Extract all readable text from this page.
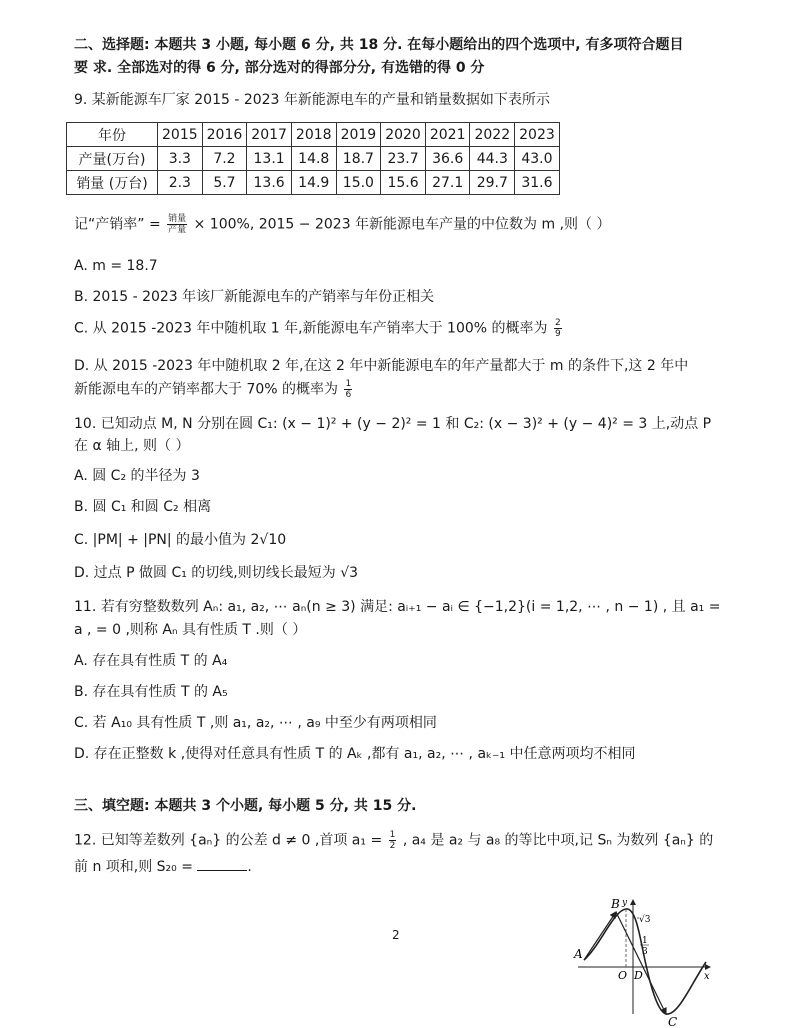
二、选择题: 本题共 3 小题, 每小题 6 分, 共 18 分. 在每小题给出的四个选项中, 有多项符合题目
要 求. 全部选对的得 6 分, 部分选对的得部分分, 有选错的得 0 分
9. 某新能源车厂家 2015 - 2023 年新能源电车的产量和销量数据如下表所示
年份	2015	2016	2017	2018	2019	2020	2021	2022	2023
产量(万台)	3.3	7.2	13.1	14.8	18.7	23.7	36.6	44.3	43.0
销量 (万台)	2.3	5.7	13.6	14.9	15.0	15.6	27.1	29.7	31.6
记“产销率” = $\frac{\text{销量}}{\text{产量}} \times 100\%$, 2015 − 2023 年新能源电车产量的中位数为 m ,则（ ）
A. m = 18.7
B. 2015 - 2023 年该厂新能源电车的产销率与年份正相关
C. 从 2015 -2023 年中随机取 1 年,新能源电车产销率大于 100% 的概率为 $\frac{2}{9}$
D. 从 2015 -2023 年中随机取 2 年,在这 2 年中新能源电车的年产量都大于 m 的条件下,这 2 年中
新能源电车的产销率都大于 70% 的概率为 $\frac{1}{6}$
10. 已知动点 M, N 分别在圆 C₁: (x − 1)² + (y − 2)² = 1 和 C₂: (x − 3)² + (y − 4)² = 3 上,动点 P
在 α 轴上, 则（ ）
A. 圆 C₂ 的半径为 3
B. 圆 C₁ 和圆 C₂ 相离
C. |PM| + |PN| 的最小值为 2√10
D. 过点 P 做圆 C₁ 的切线,则切线长最短为 √3
11. 若有穷整数数列 Aₙ: a₁, a₂, ⋯ aₙ(n ≥ 3) 满足: aᵢ₊₁ − aᵢ ∈ {−1,2}(i = 1,2, ⋯ , n − 1) , 且 a₁ =
a , = 0 ,则称 Aₙ 具有性质 T .则（ ）
A. 存在具有性质 T 的 A₄
B. 存在具有性质 T 的 A₅
C. 若 A₁₀ 具有性质 T ,则 a₁, a₂, ⋯ , a₉ 中至少有两项相同
D. 存在正整数 k ,使得对任意具有性质 T 的 Aₖ ,都有 a₁, a₂, ⋯ , aₖ₋₁ 中任意两项均不相同
三、填空题: 本题共 3 个小题, 每小题 5 分, 共 15 分.
12. 已知等差数列 {aₙ} 的公差 d ≠ 0 ,首项 $a_1 = \frac{1}{2}$ , a₄ 是 a₂ 与 a₈ 的等比中项,记 Sₙ 为数列 {aₙ} 的
前 n 项和,则 S₂₀ =	.
2
B y
√3
1
3
A
O D	x
C
